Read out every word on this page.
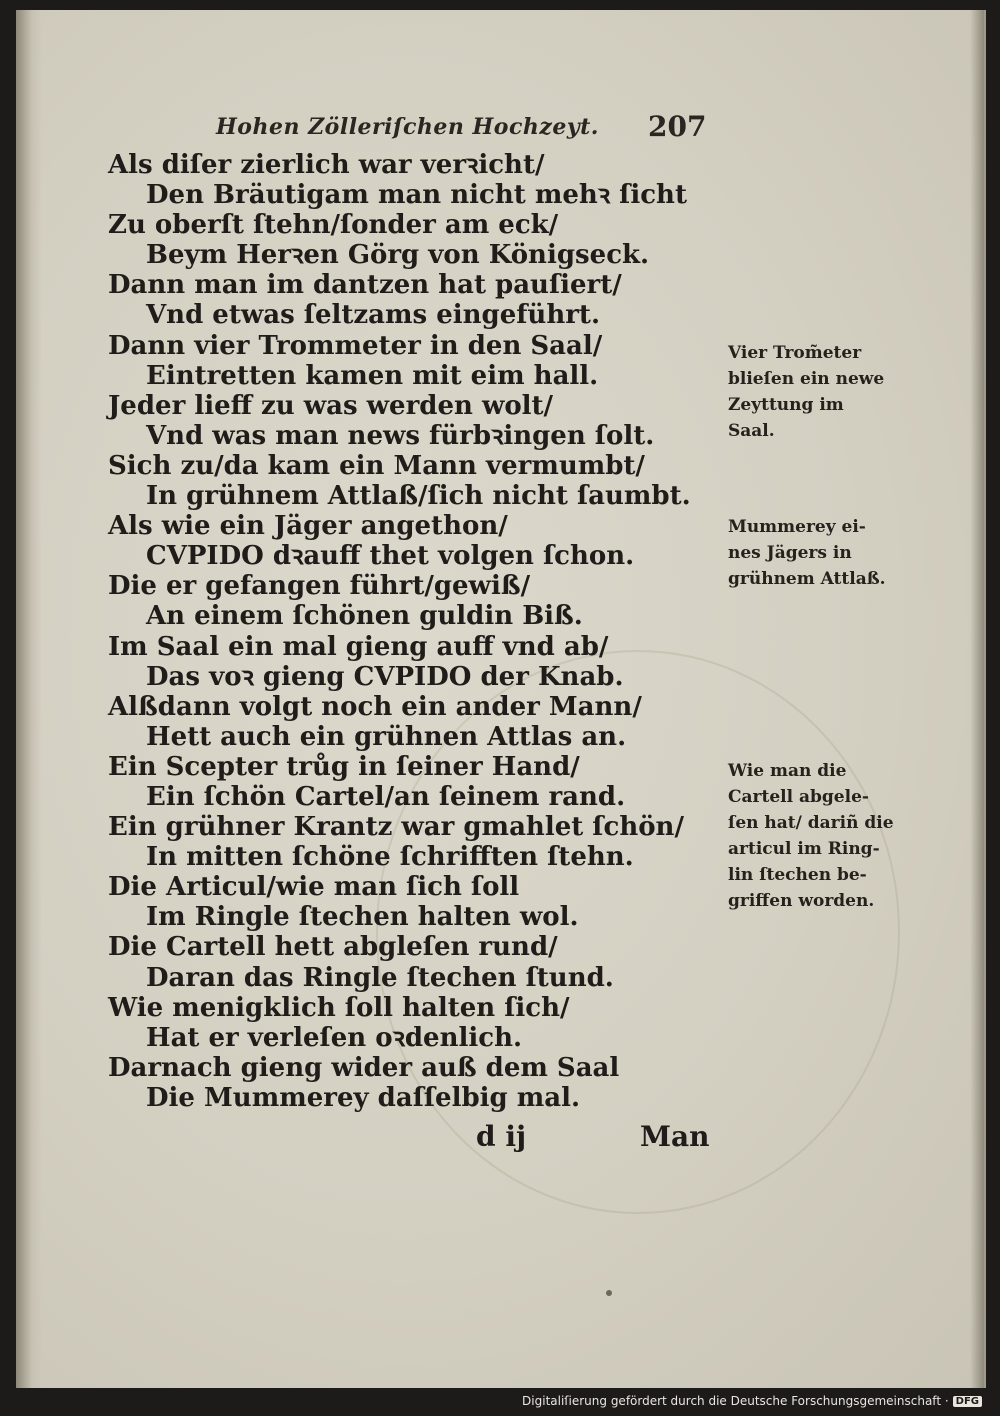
Hohen Zölleriſchen Hochzeyt. 207
Als diſer zierlich war verꝛicht/
Den Bräutigam man nicht mehꝛ ſicht
Zu oberſt ſtehn/ſonder am eck/
Beym Herꝛen Görg von Königseck.
Dann man im dantzen hat pauſiert/
Vnd etwas ſeltzams eingeführt.
Dann vier Trommeter in den Saal/
Eintretten kamen mit eim hall.
Jeder lieff zu was werden wolt/
Vnd was man news fürbꝛingen ſolt.
Sich zu/da kam ein Mann vermumbt/
In grühnem Attlaß/ſich nicht ſaumbt.
Als wie ein Jäger angethon/
CVPIDO dꝛauff thet volgen ſchon.
Die er gefangen führt/gewiß/
An einem ſchönen guldin Biß.
Im Saal ein mal gieng auff vnd ab/
Das voꝛ gieng CVPIDO der Knab.
Alßdann volgt noch ein ander Mann/
Hett auch ein grühnen Attlas an.
Ein Scepter trůg in ſeiner Hand/
Ein ſchön Cartel/an ſeinem rand.
Ein grühner Krantz war gmahlet ſchön/
In mitten ſchöne ſchrifften ſtehn.
Die Articul/wie man ſich ſoll
Im Ringle ſtechen halten wol.
Die Cartell hett abgleſen rund/
Daran das Ringle ſtechen ſtund.
Wie menigklich ſoll halten ſich/
Hat er verleſen oꝛdenlich.
Darnach gieng wider auß dem Saal
Die Mummerey daſſelbig mal.
Vier Trom̃eter
blieſen ein newe
Zeyttung im
Saal.
Mummerey ei-
nes Jägers in
grühnem Attlaß.
Wie man die
Cartell abgele-
ſen hat/ dariñ die
articul im Ring-
lin ſtechen be-
griffen worden.
d ij	Man
Digitaliſierung gefördert durch die Deutsche Forschungsgemeinschaft · DFG
